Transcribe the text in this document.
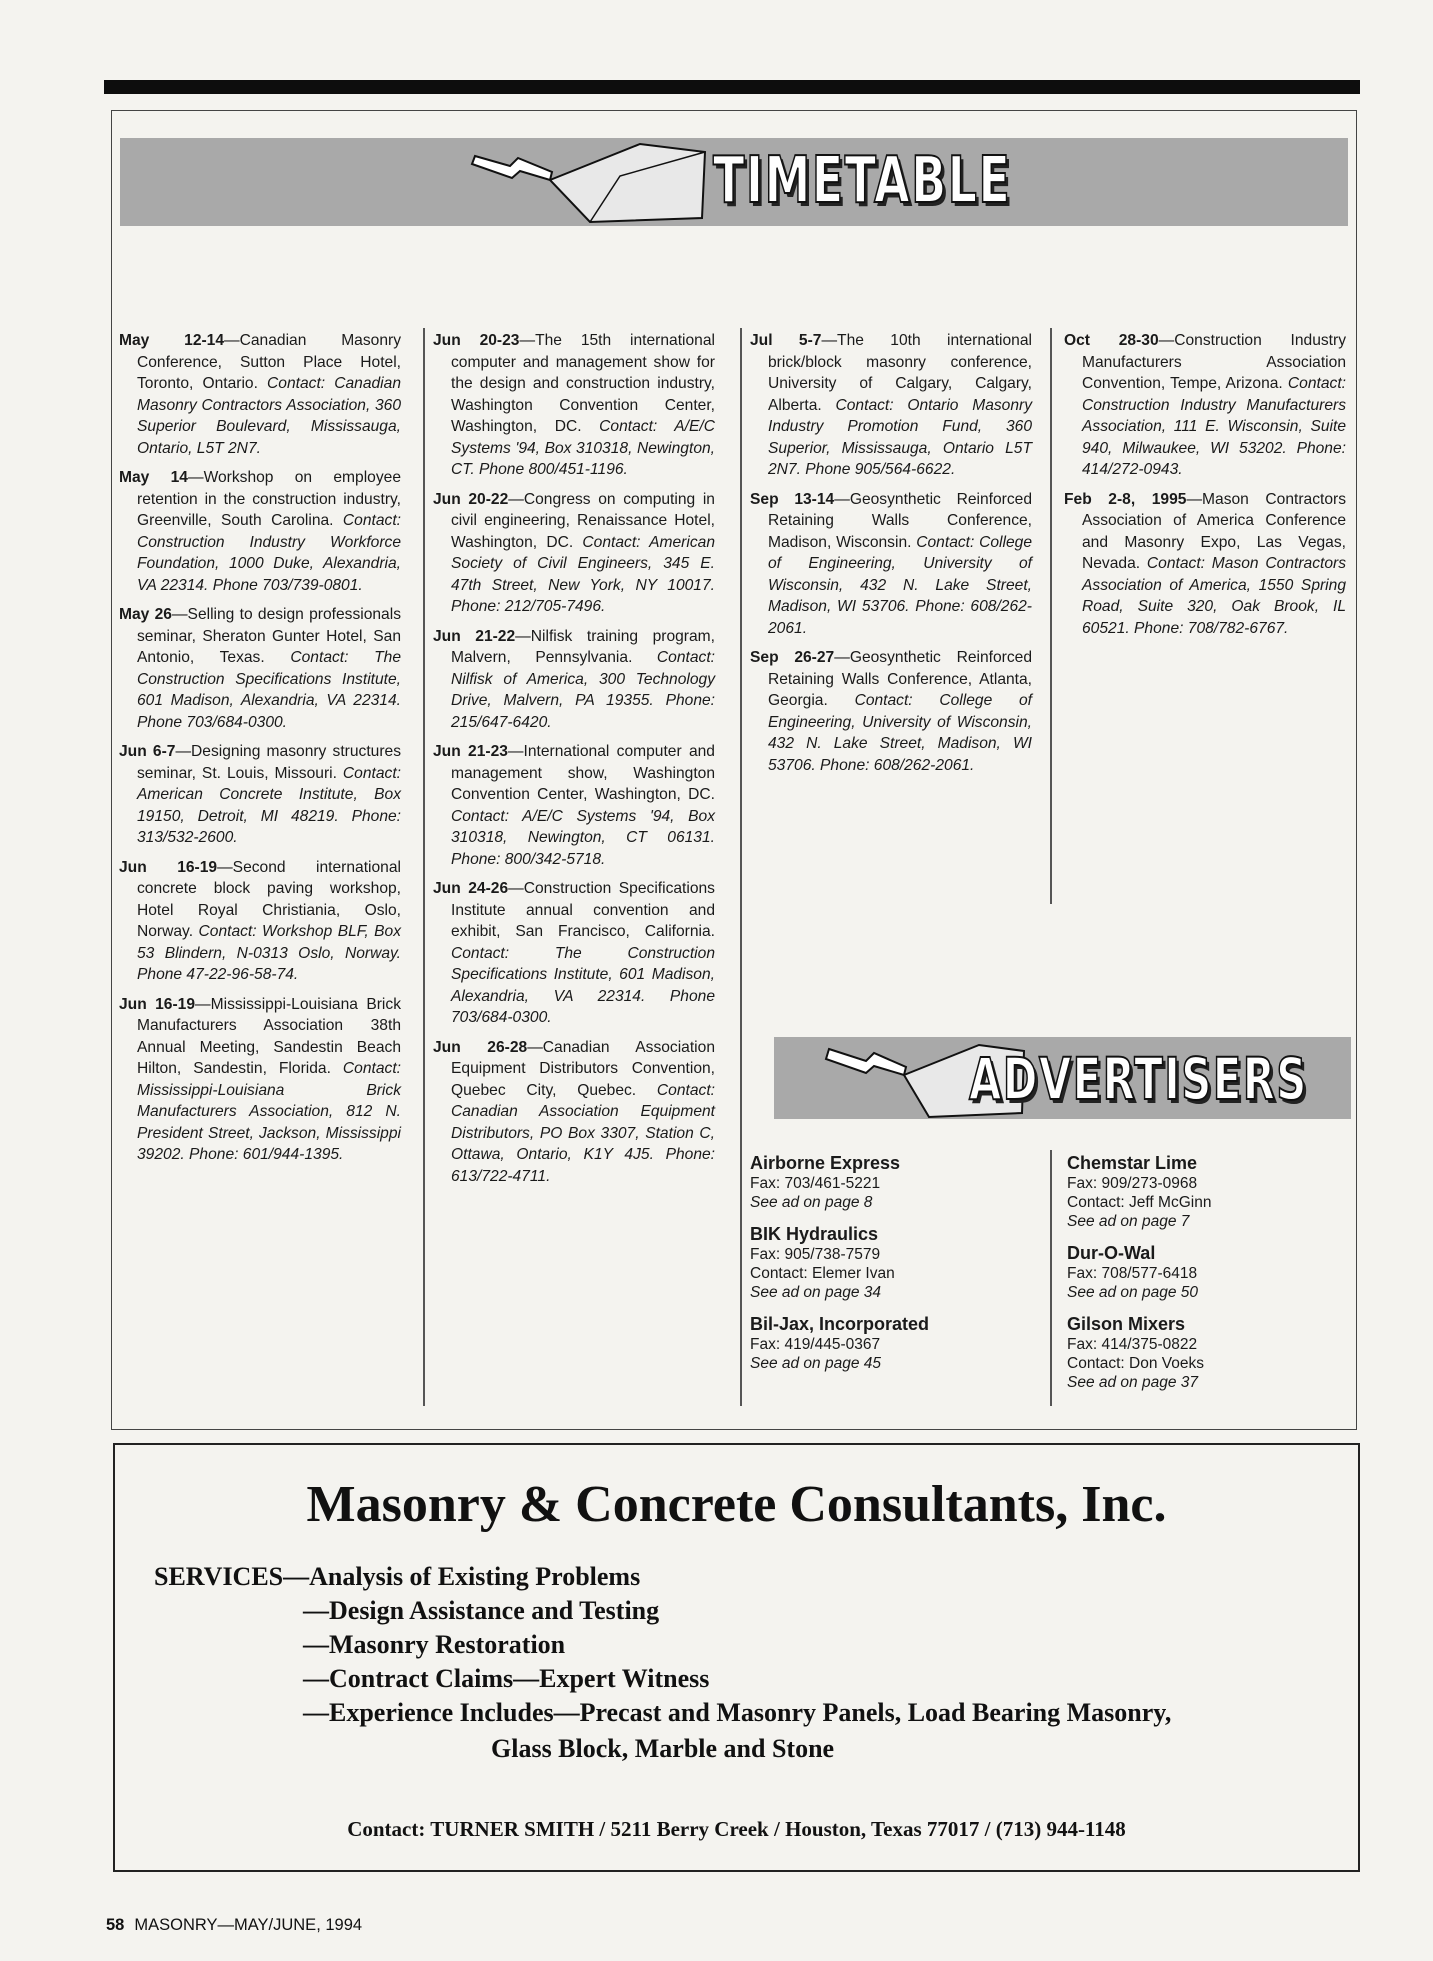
TIMETABLE
May 12-14—Canadian Masonry Conference, Sutton Place Hotel, Toronto, Ontario. Contact: Canadian Masonry Contractors Association, 360 Superior Boulevard, Mississauga, Ontario, L5T 2N7.
May 14—Workshop on employee retention in the construction industry, Greenville, South Carolina. Contact: Construction Industry Workforce Foundation, 1000 Duke, Alexandria, VA 22314. Phone 703/739-0801.
May 26—Selling to design professionals seminar, Sheraton Gunter Hotel, San Antonio, Texas. Contact: The Construction Specifications Institute, 601 Madison, Alexandria, VA 22314. Phone 703/684-0300.
Jun 6-7—Designing masonry structures seminar, St. Louis, Missouri. Contact: American Concrete Institute, Box 19150, Detroit, MI 48219. Phone: 313/532-2600.
Jun 16-19—Second international concrete block paving workshop, Hotel Royal Christiania, Oslo, Norway. Contact: Workshop BLF, Box 53 Blindern, N-0313 Oslo, Norway. Phone 47-22-96-58-74.
Jun 16-19—Mississippi-Louisiana Brick Manufacturers Association 38th Annual Meeting, Sandestin Beach Hilton, Sandestin, Florida. Contact: Mississippi-Louisiana Brick Manufacturers Association, 812 N. President Street, Jackson, Mississippi 39202. Phone: 601/944-1395.
Jun 20-23—The 15th international computer and management show for the design and construction industry, Washington Convention Center, Washington, DC. Contact: A/E/C Systems '94, Box 310318, Newington, CT. Phone 800/451-1196.
Jun 20-22—Congress on computing in civil engineering, Renaissance Hotel, Washington, DC. Contact: American Society of Civil Engineers, 345 E. 47th Street, New York, NY 10017. Phone: 212/705-7496.
Jun 21-22—Nilfisk training program, Malvern, Pennsylvania. Contact: Nilfisk of America, 300 Technology Drive, Malvern, PA 19355. Phone: 215/647-6420.
Jun 21-23—International computer and management show, Washington Convention Center, Washington, DC. Contact: A/E/C Systems '94, Box 310318, Newington, CT 06131. Phone: 800/342-5718.
Jun 24-26—Construction Specifications Institute annual convention and exhibit, San Francisco, California. Contact: The Construction Specifications Institute, 601 Madison, Alexandria, VA 22314. Phone 703/684-0300.
Jun 26-28—Canadian Association Equipment Distributors Convention, Quebec City, Quebec. Contact: Canadian Association Equipment Distributors, PO Box 3307, Station C, Ottawa, Ontario, K1Y 4J5. Phone: 613/722-4711.
Jul 5-7—The 10th international brick/block masonry conference, University of Calgary, Calgary, Alberta. Contact: Ontario Masonry Industry Promotion Fund, 360 Superior, Mississauga, Ontario L5T 2N7. Phone 905/564-6622.
Sep 13-14—Geosynthetic Reinforced Retaining Walls Conference, Madison, Wisconsin. Contact: College of Engineering, University of Wisconsin, 432 N. Lake Street, Madison, WI 53706. Phone: 608/262-2061.
Sep 26-27—Geosynthetic Reinforced Retaining Walls Conference, Atlanta, Georgia. Contact: College of Engineering, University of Wisconsin, 432 N. Lake Street, Madison, WI 53706. Phone: 608/262-2061.
Oct 28-30—Construction Industry Manufacturers Association Convention, Tempe, Arizona. Contact: Construction Industry Manufacturers Association, 111 E. Wisconsin, Suite 940, Milwaukee, WI 53202. Phone: 414/272-0943.
Feb 2-8, 1995—Mason Contractors Association of America Conference and Masonry Expo, Las Vegas, Nevada. Contact: Mason Contractors Association of America, 1550 Spring Road, Suite 320, Oak Brook, IL 60521. Phone: 708/782-6767.
ADVERTISERS
Airborne Express
Fax: 703/461-5221
See ad on page 8
BIK Hydraulics
Fax: 905/738-7579
Contact: Elemer Ivan
See ad on page 34
Bil-Jax, Incorporated
Fax: 419/445-0367
See ad on page 45
Chemstar Lime
Fax: 909/273-0968
Contact: Jeff McGinn
See ad on page 7
Dur-O-Wal
Fax: 708/577-6418
See ad on page 50
Gilson Mixers
Fax: 414/375-0822
Contact: Don Voeks
See ad on page 37
Masonry & Concrete Consultants, Inc.
SERVICES—Analysis of Existing Problems
—Design Assistance and Testing
—Masonry Restoration
—Contract Claims—Expert Witness
—Experience Includes—Precast and Masonry Panels, Load Bearing Masonry,
Glass Block, Marble and Stone
Contact: TURNER SMITH / 5211 Berry Creek / Houston, Texas 77017 / (713) 944-1148
58 MASONRY—MAY/JUNE, 1994
